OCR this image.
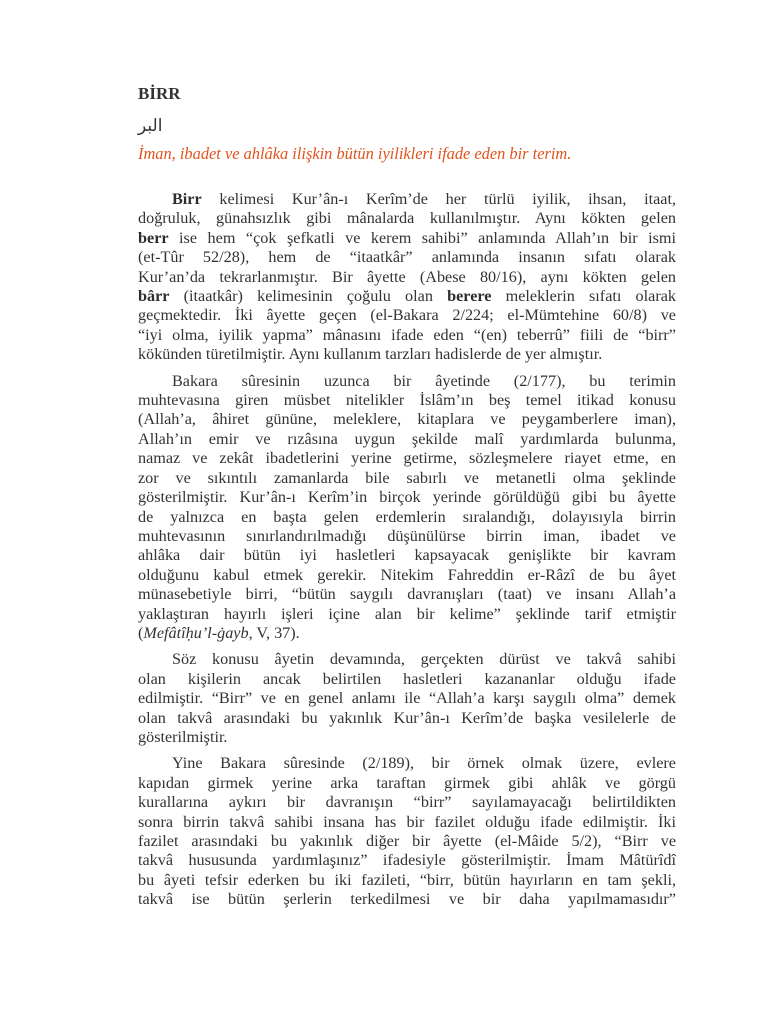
BİRR
البر
İman, ibadet ve ahlâka ilişkin bütün iyilikleri ifade eden bir terim.

Birr kelimesi Kur’ân-ı Kerîm’de her türlü iyilik, ihsan, itaat,
doğruluk, günahsızlık gibi mânalarda kullanılmıştır. Aynı kökten gelen
berr ise hem “çok şefkatli ve kerem sahibi” anlamında Allah’ın bir ismi
(et-Tûr 52/28), hem de “itaatkâr” anlamında insanın sıfatı olarak
Kur’an’da tekrarlanmıştır. Bir âyette (Abese 80/16), aynı kökten gelen
bârr (itaatkâr) kelimesinin çoğulu olan berere meleklerin sıfatı olarak
geçmektedir. İki âyette geçen (el-Bakara 2/224; el-Mümtehine 60/8) ve
“iyi olma, iyilik yapma” mânasını ifade eden “(en) teberrû” fiili de “birr”
kökünden türetilmiştir. Aynı kullanım tarzları hadislerde de yer almıştır.

Bakara sûresinin uzunca bir âyetinde (2/177), bu terimin
muhtevasına giren müsbet nitelikler İslâm’ın beş temel itikad konusu
(Allah’a, âhiret gününe, meleklere, kitaplara ve peygamberlere iman),
Allah’ın emir ve rızâsına uygun şekilde malî yardımlarda bulunma,
namaz ve zekât ibadetlerini yerine getirme, sözleşmelere riayet etme, en
zor ve sıkıntılı zamanlarda bile sabırlı ve metanetli olma şeklinde
gösterilmiştir. Kur’ân-ı Kerîm’in birçok yerinde görüldüğü gibi bu âyette
de yalnızca en başta gelen erdemlerin sıralandığı, dolayısıyla birrin
muhtevasının sınırlandırılmadığı düşünülürse birrin iman, ibadet ve
ahlâka dair bütün iyi hasletleri kapsayacak genişlikte bir kavram
olduğunu kabul etmek gerekir. Nitekim Fahreddin er-Râzî de bu âyet
münasebetiyle birri, “bütün saygılı davranışları (taat) ve insanı Allah’a
yaklaştıran hayırlı işleri içine alan bir kelime” şeklinde tarif etmiştir
(Mefâtîḥu’l-ġayb, V, 37).

Söz konusu âyetin devamında, gerçekten dürüst ve takvâ sahibi
olan kişilerin ancak belirtilen hasletleri kazananlar olduğu ifade
edilmiştir. “Birr” ve en genel anlamı ile “Allah’a karşı saygılı olma” demek
olan takvâ arasındaki bu yakınlık Kur’ân-ı Kerîm’de başka vesilelerle de
gösterilmiştir.

Yine Bakara sûresinde (2/189), bir örnek olmak üzere, evlere
kapıdan girmek yerine arka taraftan girmek gibi ahlâk ve görgü
kurallarına aykırı bir davranışın “birr” sayılamayacağı belirtildikten
sonra birrin takvâ sahibi insana has bir fazilet olduğu ifade edilmiştir. İki
fazilet arasındaki bu yakınlık diğer bir âyette (el-Mâide 5/2), “Birr ve
takvâ hususunda yardımlaşınız” ifadesiyle gösterilmiştir. İmam Mâtürîdî
bu âyeti tefsir ederken bu iki fazileti, “birr, bütün hayırların en tam şekli,
takvâ ise bütün şerlerin terkedilmesi ve bir daha yapılmamasıdır”
